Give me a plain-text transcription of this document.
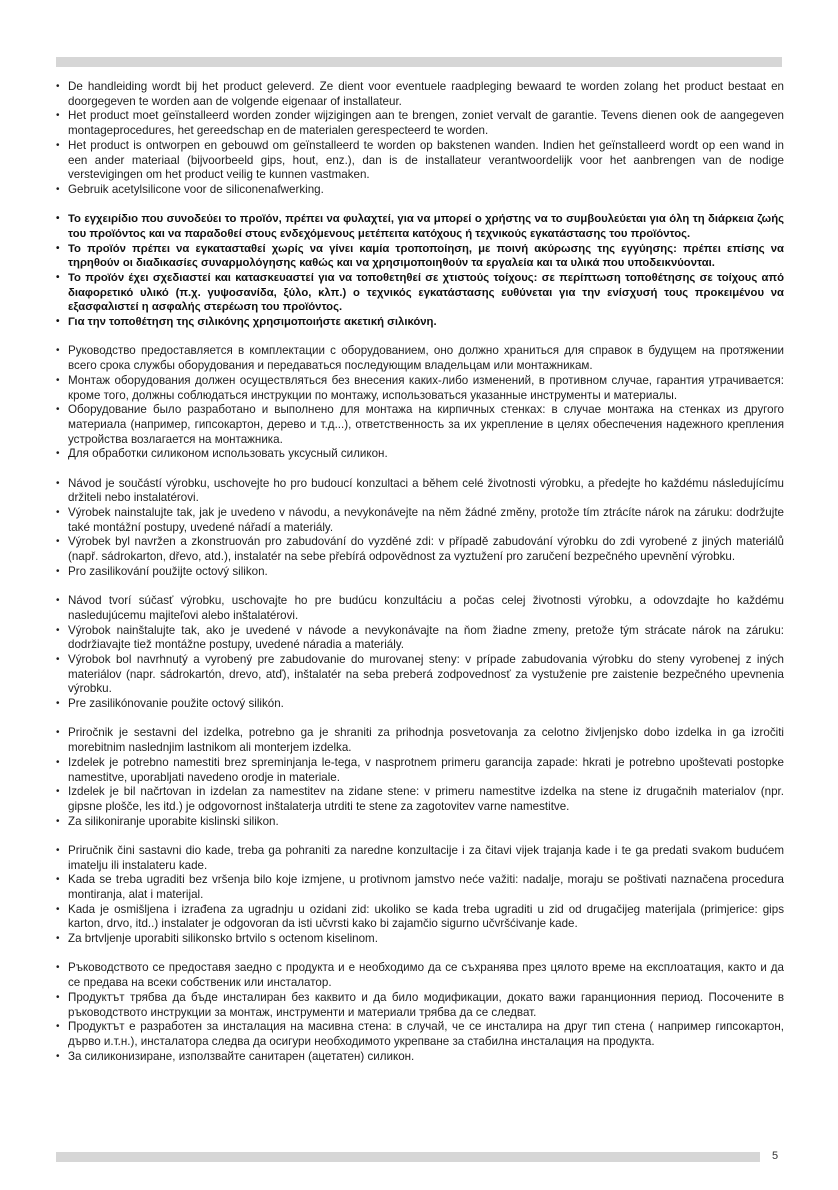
• De handleiding wordt bij het product geleverd. Ze dient voor eventuele raadpleging bewaard te worden zolang het product bestaat en doorgegeven te worden aan de volgende eigenaar of installateur.
• Het product moet geïnstalleerd worden zonder wijzigingen aan te brengen, zoniet vervalt de garantie. Tevens dienen ook de aangegeven montageprocedures, het gereedschap en de materialen gerespecteerd te worden.
• Het product is ontworpen en gebouwd om geïnstalleerd te worden op bakstenen wanden. Indien het geïnstalleerd wordt op een wand in een ander materiaal (bijvoorbeeld gips, hout, enz.), dan is de installateur verantwoordelijk voor het aanbrengen van de nodige verstevigingen om het product veilig te kunnen vastmaken.
• Gebruik acetylsilicone voor de siliconenafwerking.
• Το εγχειρίδιο που συνοδεύει το προϊόν, πρέπει να φυλαχτεί, για να μπορεί ο χρήστης να το συμβουλεύεται για όλη τη διάρκεια ζωής του προϊόντος και να παραδοθεί στους ενδεχόμενους μετέπειτα κατόχους ή τεχνικούς εγκατάστασης του προϊόντος.
• Το προϊόν πρέπει να εγκατασταθεί χωρίς να γίνει καμία τροποποίηση, με ποινή ακύρωσης της εγγύησης: πρέπει επίσης να τηρηθούν οι διαδικασίες συναρμολόγησης καθώς και να χρησιμοποιηθούν τα εργαλεία και τα υλικά που υποδεικνύονται.
• Το προϊόν έχει σχεδιαστεί και κατασκευαστεί για να τοποθετηθεί σε χτιστούς τοίχους: σε περίπτωση τοποθέτησης σε τοίχους από διαφορετικό υλικό (π.χ. γυψοσανίδα, ξύλο, κλπ.) ο τεχνικός εγκατάστασης ευθύνεται για την ενίσχυσή τους προκειμένου να εξασφαλιστεί η ασφαλής στερέωση του προϊόντος.
• Για την τοποθέτηση της σιλικόνης χρησιμοποιήστε ακετική σιλικόνη.
• Руководство предоставляется в комплектации с оборудованием, оно должно храниться для справок в будущем на протяжении всего срока службы оборудования и передаваться последующим владельцам или монтажникам.
• Монтаж оборудования должен осуществляться без внесения каких-либо изменений, в противном случае, гарантия утрачивается: кроме того, должны соблюдаться инструкции по монтажу, использоваться указанные инструменты и материалы.
• Оборудование было разработано и выполнено для монтажа на кирпичных стенках: в случае монтажа на стенках из другого материала (например, гипсокартон, дерево и т.д...), ответственность за их укрепление в целях обеспечения надежного крепления устройства возлагается на монтажника.
• Для обработки силиконом использовать уксусный силикон.
• Návod je součástí výrobku, uschovejte ho pro budoucí konzultaci a během celé životnosti výrobku, a předejte ho každému následujícímu držiteli nebo instalatérovi.
• Výrobek nainstalujte tak, jak je uvedeno v návodu, a nevykonávejte na něm žádné změny, protože tím ztrácíte nárok na záruku: dodržujte také montážní postupy, uvedené nářadí a materiály.
• Výrobek byl navržen a zkonstruován pro zabudování do vyzděné zdi: v případě zabudování výrobku do zdi vyrobené z jiných materiálů (např. sádrokarton, dřevo, atd.), instalatér na sebe přebírá odpovědnost za vyztužení pro zaručení bezpečného upevnění výrobku.
• Pro zasilikování použijte octový silikon.
• Návod tvorí súčasť výrobku, uschovajte ho pre budúcu konzultáciu a počas celej životnosti výrobku, a odovzdajte ho každému nasledujúcemu majiteľovi alebo inštalatérovi.
• Výrobok nainštalujte tak, ako je uvedené v návode a nevykonávajte na ňom žiadne zmeny, pretože tým strácate nárok na záruku: dodržiavajte tiež montážne postupy, uvedené náradia a materiály.
• Výrobok bol navrhnutý a vyrobený pre zabudovanie do murovanej steny: v prípade zabudovania výrobku do steny vyrobenej z iných materiálov (napr. sádrokartón, drevo, atď), inštalatér na seba preberá zodpovednosť za vystuženie pre zaistenie bezpečného upevnenia výrobku.
• Pre zasilikónovanie použite octový silikón.
• Priročnik je sestavni del izdelka, potrebno ga je shraniti za prihodnja posvetovanja za celotno življenjsko dobo izdelka in ga izročiti morebitnim naslednjim lastnikom ali monterjem izdelka.
• Izdelek je potrebno namestiti brez spreminjanja le-tega, v nasprotnem primeru garancija zapade: hkrati je potrebno upoštevati postopke namestitve, uporabljati navedeno orodje in materiale.
• Izdelek je bil načrtovan in izdelan za namestitev na zidane stene: v primeru namestitve izdelka na stene iz drugačnih materialov (npr. gipsne plošče, les itd.) je odgovornost inštalaterja utrditi te stene za zagotovitev varne namestitve.
• Za silikoniranje uporabite kislinski silikon.
• Priručnik čini sastavni dio kade, treba ga pohraniti za naredne konzultacije i za čitavi vijek trajanja kade i te ga predati svakom budućem imatelju ili instalateru kade.
• Kada se treba ugraditi bez vršenja bilo koje izmjene, u protivnom jamstvo neće važiti: nadalje, moraju se poštivati naznačena procedura montiranja, alat i materijal.
• Kada je osmišljena i izrađena za ugradnju u ozidani zid: ukoliko se kada treba ugraditi u zid od drugačijeg materijala (primjerice: gips karton, drvo, itd..) instalater je odgovoran da isti učvrsti kako bi zajamčio sigurno učvršćivanje kade.
• Za brtvljenje uporabiti silikonsko brtvilo s octenom kiselinom.
• Ръководството се предоставя заедно с продукта и е необходимо да се съхранява през цялото време на експлоатация, както и да се предава на всеки собственик или инсталатор.
• Продуктът трябва да бъде инсталиран без каквито и да било модификации, докато важи гаранционния период. Посочените в ръководството инструкции за монтаж, инструменти и материали трябва да се следват.
• Продуктът е разработен за инсталация на масивна стена: в случай, че се инсталира на друг тип стена ( например гипсокартон, дърво и.т.н.), инсталатора следва да осигури необходимото укрепване за стабилна инсталация на продукта.
• За силиконизиране, използвайте санитарен (ацетатен) силикон.
5
